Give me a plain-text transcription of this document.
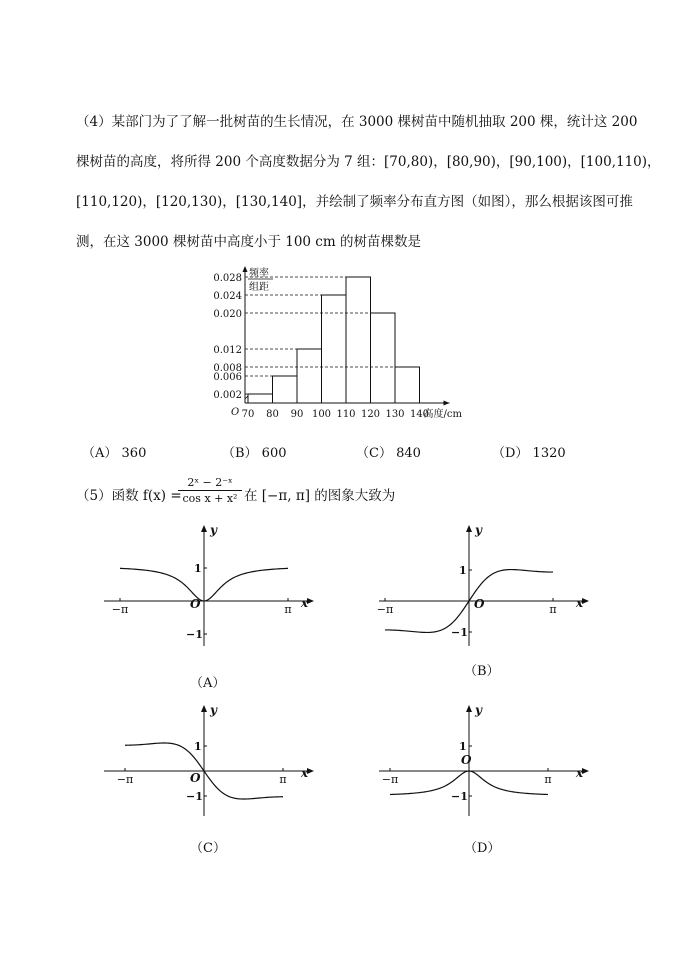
（4）某部门为了了解一批树苗的生长情况，在 3000 棵树苗中随机抽取 200 棵，统计这 200
棵树苗的高度，将所得 200 个高度数据分为 7 组：[70,80)，[80,90)，[90,100)，[100,110)，
[110,120)，[120,130)，[130,140]，并绘制了频率分布直方图（如图），那么根据该图可推
测，在这 3000 棵树苗中高度小于 100 cm 的树苗棵数是
0.028
0.024
0.020
0.012
0.008
0.006
0.002
70 80 90 100 110 120 130 140
O
频率
组距
高度/cm
（A） 360	（B） 600	（C） 840	（D） 1320
（5）函数 f(x) =
$\frac{\text{2ˣ − 2⁻ˣ}}{\text{cos x + x²}}$ 在 [−π, π] 的图象大致为
y
x
O
1
−1
−π	π
y
x
O
1
−1
−π	π
y
x
O
1
−1
−π	π
y
x
O
1
−1
−π	π
（A）
（B）
（C）	（D）
